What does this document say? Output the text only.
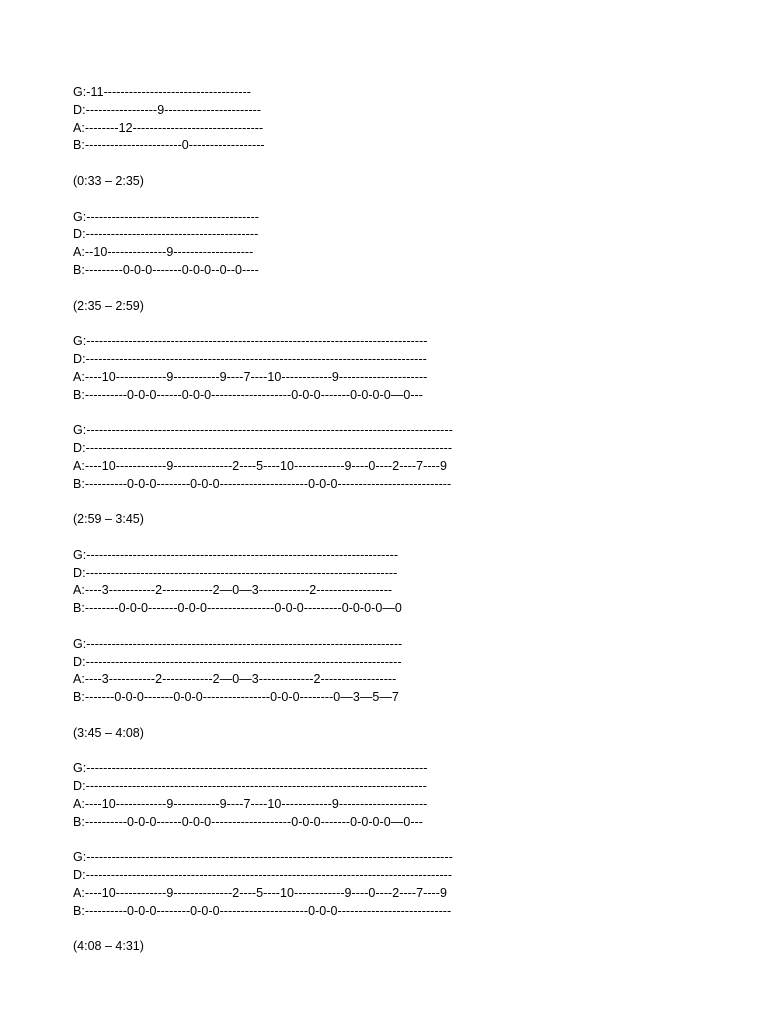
G:-11-----------------------------------
D:-----------------9-----------------------
A:--------12-------------------------------
B:-----------------------0------------------
(0:33 – 2:35)
G:-----------------------------------------
D:-----------------------------------------
A:--10--------------9-------------------
B:---------0-0-0-------0-0-0--0--0----
(2:35 – 2:59)
G:---------------------------------------------------------------------------------
D:---------------------------------------------------------------------------------
A:----10------------9-----------9----7----10------------9---------------------
B:----------0-0-0------0-0-0-------------------0-0-0-------0-0-0-0—0---
G:---------------------------------------------------------------------------------------
D:---------------------------------------------------------------------------------------
A:----10------------9--------------2----5----10------------9----0----2----7----9
B:----------0-0-0--------0-0-0---------------------0-0-0---------------------------
(2:59 – 3:45)
G:--------------------------------------------------------------------------
D:--------------------------------------------------------------------------
A:----3-----------2------------2—0—3------------2------------------
B:--------0-0-0-------0-0-0----------------0-0-0---------0-0-0-0—0
G:---------------------------------------------------------------------------
D:---------------------------------------------------------------------------
A:----3-----------2------------2—0—3-------------2------------------
B:-------0-0-0-------0-0-0----------------0-0-0--------0—3—5—7
(3:45 – 4:08)
G:---------------------------------------------------------------------------------
D:---------------------------------------------------------------------------------
A:----10------------9-----------9----7----10------------9---------------------
B:----------0-0-0------0-0-0-------------------0-0-0-------0-0-0-0—0---
G:---------------------------------------------------------------------------------------
D:---------------------------------------------------------------------------------------
A:----10------------9--------------2----5----10------------9----0----2----7----9
B:----------0-0-0--------0-0-0---------------------0-0-0---------------------------
(4:08 – 4:31)
